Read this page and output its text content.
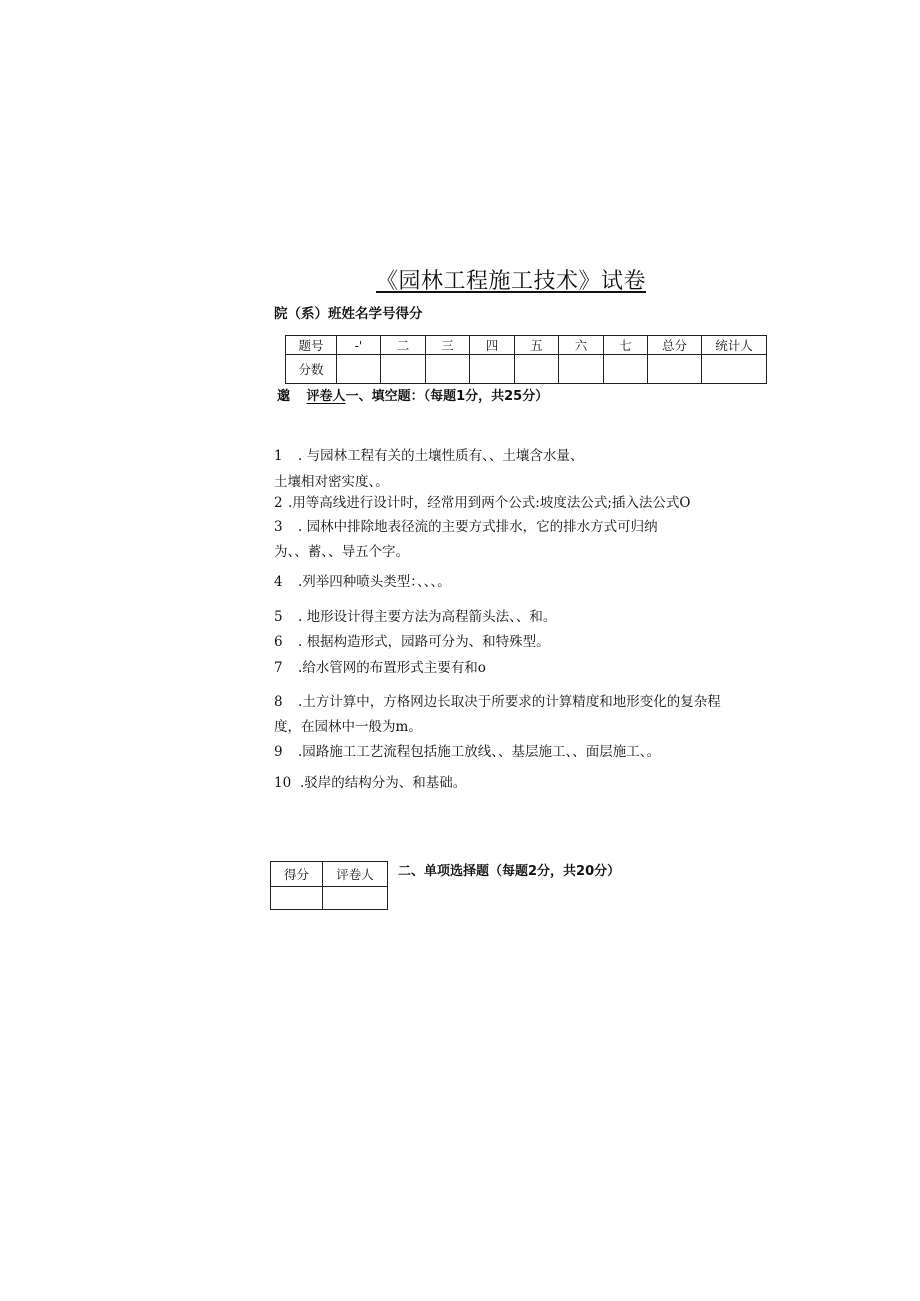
《园林工程施工技术》试卷
院（系）班姓名学号得分
题号	-'	二	三	四	五	六	七	总分	统计人
分数									
邈 评卷人一、填空题：（每题1分，共25分）
1 . 与园林工程有关的土壤性质有、、土壤含水量、
土壤相对密实度、。
2 .用等高线进行设计时，经常用到两个公式:坡度法公式;插入法公式O
3 . 园林中排除地表径流的主要方式排水，它的排水方式可归纳
为、、蓄、、导五个字。
4 .列举四种喷头类型：、、、。
5 . 地形设计得主要方法为高程箭头法、、和。
6 . 根据构造形式，园路可分为、和特殊型。
7 .给水管网的布置形式主要有和o
8 .土方计算中，方格网边长取决于所要求的计算精度和地形变化的复杂程
度，在园林中一般为m。
9 .园路施工工艺流程包括施工放线、、基层施工、、面层施工、。
10 .驳岸的结构分为、和基础。
得分	评卷人
	二、单项选择题（每题2分，共20分）
